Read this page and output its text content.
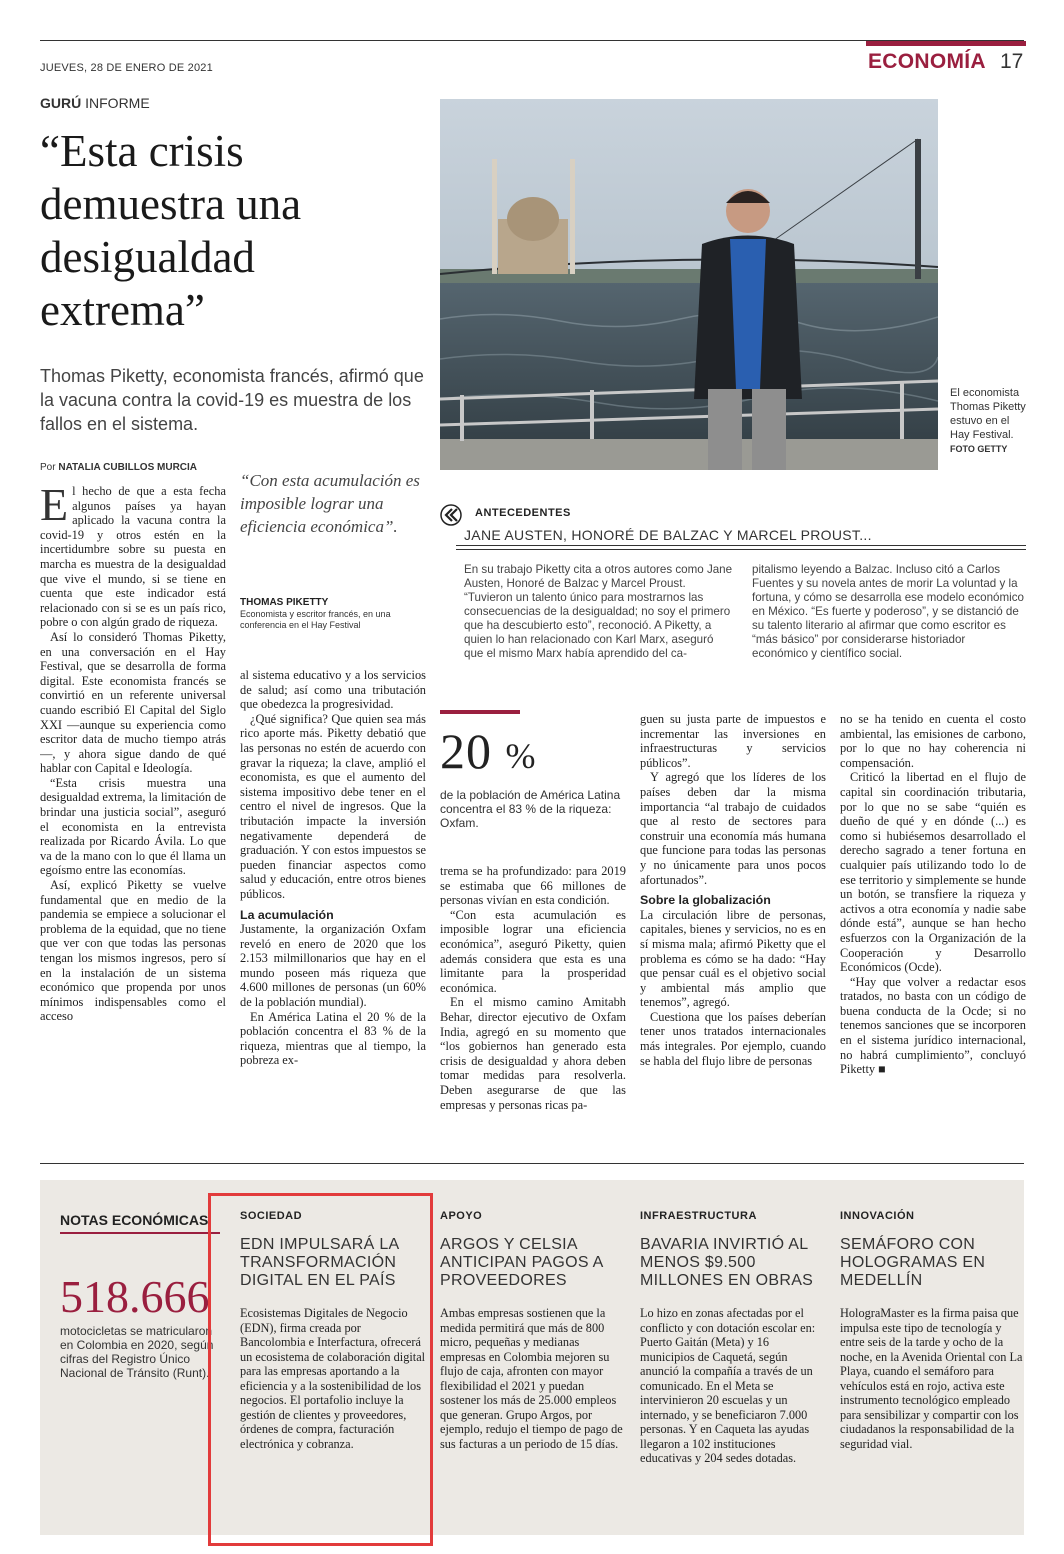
JUEVES, 28 DE ENERO DE 2021	ECONOMÍA 17
GURÚ INFORME
“Esta crisis demuestra una desigualdad extrema”
Thomas Piketty, economista francés, afirmó que la vacuna contra la covid-19 es muestra de los fallos en el sistema.
Por NATALIA CUBILLOS MURCIA
El economista Thomas Piketty estuvo en el Hay Festival.
FOTO GETTY
“Con esta acumulación es imposible lograr una eficiencia económica”.
THOMAS PIKETTY
Economista y escritor francés, en una conferencia en el Hay Festival

El hecho de que a esta fecha algunos países ya hayan aplicado la vacuna contra la covid-19 y otros estén en la incertidumbre sobre su puesta en marcha es muestra de la desigualdad que vive el mundo, si se tiene en cuenta que este indicador está relacionado con si se es un país rico, pobre o con algún grado de riqueza.

Así lo consideró Thomas Piketty, en una conversación en el Hay Festival, que se desarrolla de forma digital. Este economista francés se convirtió en un referente universal cuando escribió El Capital del Siglo XXI —aunque su experiencia como escritor data de mucho tiempo atrás—, y ahora sigue dando de qué hablar con Capital e Ideología.

“Esta crisis muestra una desigualdad extrema, la limitación de brindar una justicia social”, aseguró el economista en la entrevista realizada por Ricardo Ávila. Lo que va de la mano con lo que él llama un egoísmo entre las economías.

Así, explicó Piketty se vuelve fundamental que en medio de la pandemia se empiece a solucionar el problema de la equidad, que no tiene que ver con que todas las personas tengan los mismos ingresos, pero sí en la instalación de un sistema económico que propenda por unos mínimos indispensables como el acceso

al sistema educativo y a los servicios de salud; así como una tributación que obedezca la progresividad.

¿Qué significa? Que quien sea más rico aporte más. Piketty debatió que las personas no estén de acuerdo con gravar la riqueza; la clave, amplió el economista, es que el aumento del sistema impositivo debe tener en el centro el nivel de ingresos. Que la tributación impacte la inversión negativamente dependerá de graduación. Y con estos impuestos se pueden financiar aspectos como salud y educación, entre otros bienes públicos.

La acumulación

Justamente, la organización Oxfam reveló en enero de 2020 que los 2.153 milmillonarios que hay en el mundo poseen más riqueza que 4.600 millones de personas (un 60% de la población mundial).

En América Latina el 20 % de la población concentra el 83 % de la riqueza, mientras que al tiempo, la pobreza ex-

ANTECEDENTES
JANE AUSTEN, HONORÉ DE BALZAC Y MARCEL PROUST...
En su trabajo Piketty cita a otros autores como Jane Austen, Honoré de Balzac y Marcel Proust. “Tuvieron un talento único para mostrarnos las consecuencias de la desigualdad; no soy el primero que ha descubierto esto”, reconoció. A Piketty, a quien lo han relacionado con Karl Marx, aseguró que el mismo Marx había aprendido del ca-
pitalismo leyendo a Balzac. Incluso citó a Carlos Fuentes y su novela antes de morir La voluntad y la fortuna, y cómo se desarrolla ese modelo económico en México. “Es fuerte y poderoso”, y se distanció de su talento literario al afirmar que como escritor es “más básico” por considerarse historiador económico y científico social.
20 %
de la población de América Latina concentra el 83 % de la riqueza: Oxfam.

trema se ha profundizado: para 2019 se estimaba que 66 millones de personas vivían en esta condición.

“Con esta acumulación es imposible lograr una eficiencia económica”, aseguró Piketty, quien además considera que esta es una limitante para la prosperidad económica.

En el mismo camino Amitabh Behar, director ejecutivo de Oxfam India, agregó en su momento que “los gobiernos han generado esta crisis de desigualdad y ahora deben tomar medidas para resolverla. Deben asegurarse de que las empresas y personas ricas pa-

guen su justa parte de impuestos e incrementar las inversiones en infraestructuras y servicios públicos”.

Y agregó que los líderes de los países deben dar la misma importancia “al trabajo de cuidados que al resto de sectores para construir una economía más humana que funcione para todas las personas y no únicamente para unos pocos afortunados”.

Sobre la globalización

La circulación libre de personas, capitales, bienes y servicios, no es en sí misma mala; afirmó Piketty que el problema es cómo se ha dado: “Hay que pensar cuál es el objetivo social y ambiental más amplio que tenemos”, agregó.

Cuestiona que los países deberían tener unos tratados internacionales más integrales. Por ejemplo, cuando se habla del flujo libre de personas

no se ha tenido en cuenta el costo ambiental, las emisiones de carbono, por lo que no hay coherencia ni compensación.

Criticó la libertad en el flujo de capital sin coordinación tributaria, por lo que no se sabe “quién es dueño de qué y en dónde (...) es como si hubiésemos desarrollado el derecho sagrado a tener fortuna en cualquier país utilizando todo lo de ese territorio y simplemente se hunde un botón, se transfiere la riqueza y activos a otra economía y nadie sabe dónde está”, aunque se han hecho esfuerzos con la Organización de la Cooperación y Desarrollo Económicos (Ocde).

“Hay que volver a redactar esos tratados, no basta con un código de buena conducta de la Ocde; si no tenemos sanciones que se incorporen en el sistema jurídico internacional, no habrá cumplimiento”, concluyó Piketty ■

NOTAS ECONÓMICAS
518.666
motocicletas se matricularon en Colombia en 2020, según cifras del Registro Único Nacional de Tránsito (Runt).
SOCIEDAD
EDN IMPULSARÁ LA TRANSFORMACIÓN DIGITAL EN EL PAÍS
Ecosistemas Digitales de Negocio (EDN), firma creada por Bancolombia e Interfactura, ofrecerá un ecosistema de colaboración digital para las empresas aportando a la eficiencia y a la sostenibilidad de los negocios. El portafolio incluye la gestión de clientes y proveedores, órdenes de compra, facturación electrónica y cobranza.
APOYO
ARGOS Y CELSIA ANTICIPAN PAGOS A PROVEEDORES
Ambas empresas sostienen que la medida permitirá que más de 800 micro, pequeñas y medianas empresas en Colombia mejoren su flujo de caja, afronten con mayor flexibilidad el 2021 y puedan sostener los más de 25.000 empleos que generan. Grupo Argos, por ejemplo, redujo el tiempo de pago de sus facturas a un periodo de 15 días.
INFRAESTRUCTURA
BAVARIA INVIRTIÓ AL MENOS $9.500 MILLONES EN OBRAS
Lo hizo en zonas afectadas por el conflicto y con dotación escolar en: Puerto Gaitán (Meta) y 16 municipios de Caquetá, según anunció la compañía a través de un comunicado. En el Meta se intervinieron 20 escuelas y un internado, y se beneficiaron 7.000 personas. Y en Caqueta las ayudas llegaron a 102 instituciones educativas y 204 sedes dotadas.
INNOVACIÓN
SEMÁFORO CON HOLOGRAMAS EN MEDELLÍN
HolograMaster es la firma paisa que impulsa este tipo de tecnología y entre seis de la tarde y ocho de la noche, en la Avenida Oriental con La Playa, cuando el semáforo para vehículos está en rojo, activa este instrumento tecnológico empleado para sensibilizar y compartir con los ciudadanos la responsabilidad de la seguridad vial.
